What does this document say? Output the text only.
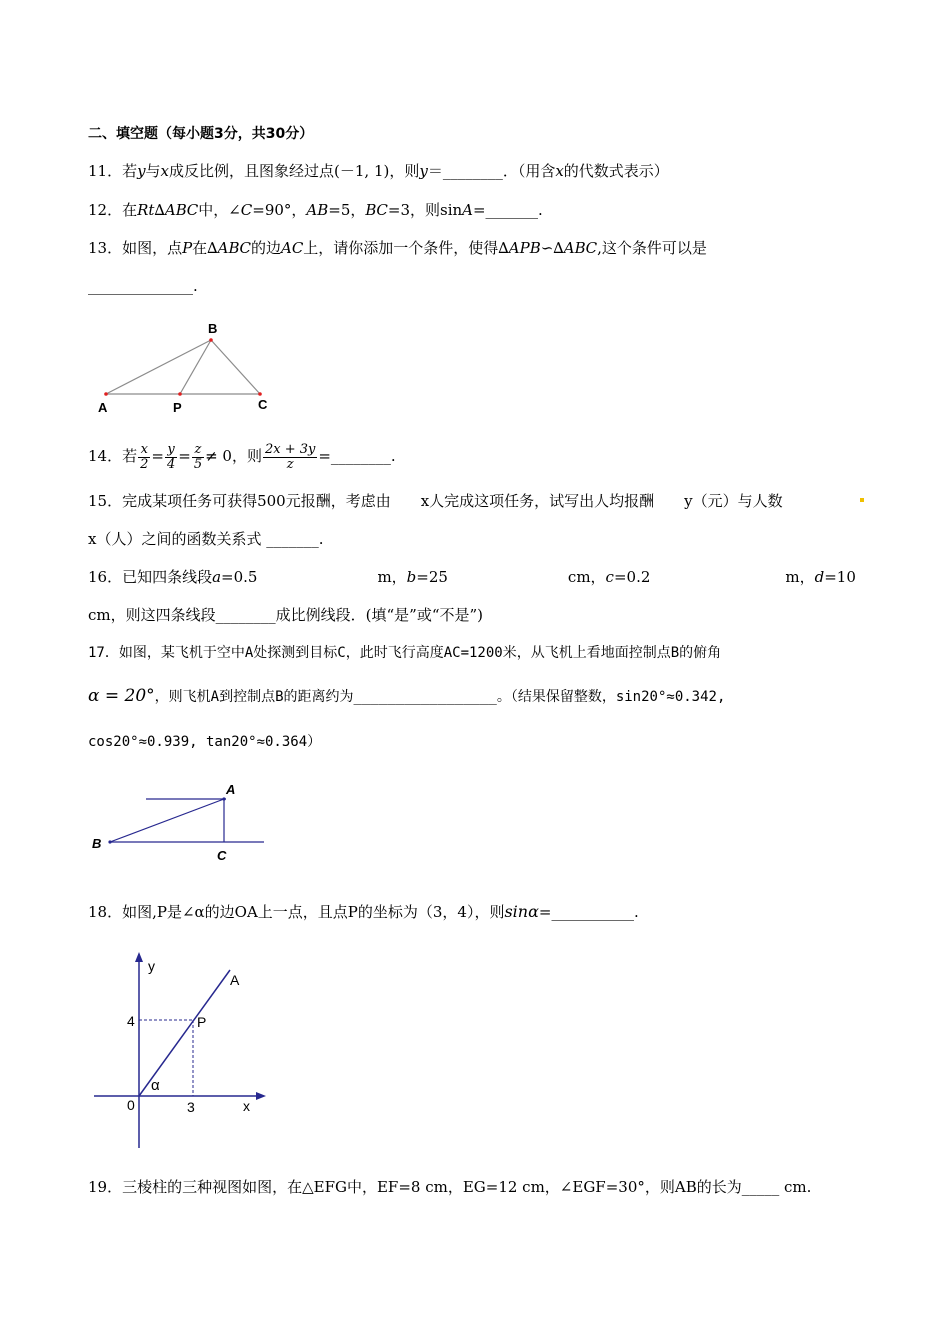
二、填空题（每小题3分，共30分）
11．若𝑦与𝑥成反比例，且图象经过点(－1, 1)，则𝑦＝________．（用含𝑥的代数式表示）
12．在𝑅𝑡∆𝐴𝐵𝐶中，∠𝐶=90°，𝐴𝐵=5，𝐵𝐶=3，则sin𝐴=_______.
13．如图，点𝑃在∆𝐴𝐵𝐶的边𝐴𝐶上，请你添加一个条件，使得∆𝐴𝑃𝐵∽∆𝐴𝐵𝐶,这个条件可以是
______________.
A
B
C
P
14．若 $\frac{x}{2} = \frac{y}{4} = \frac{z}{5} \ne 0$，则 $\frac{2x + 3y}{z}$ =________.
15．完成某项任务可获得500元报酬，考虑由　　x人完成这项任务，试写出人均报酬　　y（元）与人数
x（人）之间的函数关系式 _______.
16．已知四条线段𝑎=0.5　　　　　　　　m，𝑏=25　　　　　　　　cm，𝑐=0.2　　　　　　　　　m，𝑑=10
cm，则这四条线段________成比例线段．(填“是”或“不是”)
17．如图，某飞机于空中A处探测到目标C，此时飞行高度AC=1200米，从飞机上看地面控制点B的俯角
α = 20°，则飞机A到控制点B的距离约为_________________。（结果保留整数，sin20°≈0.342,
cos20°≈0.939, tan20°≈0.364）
A
B
C
18．如图,P是∠α的边OA上一点，且点P的坐标为（3，4），则sinα=___________.
y
x
A
P
4
3
0
α
19．三棱柱的三种视图如图，在△EFG中，EF=8 cm，EG=12 cm，∠EGF=30°，则AB的长为_____ cm.
